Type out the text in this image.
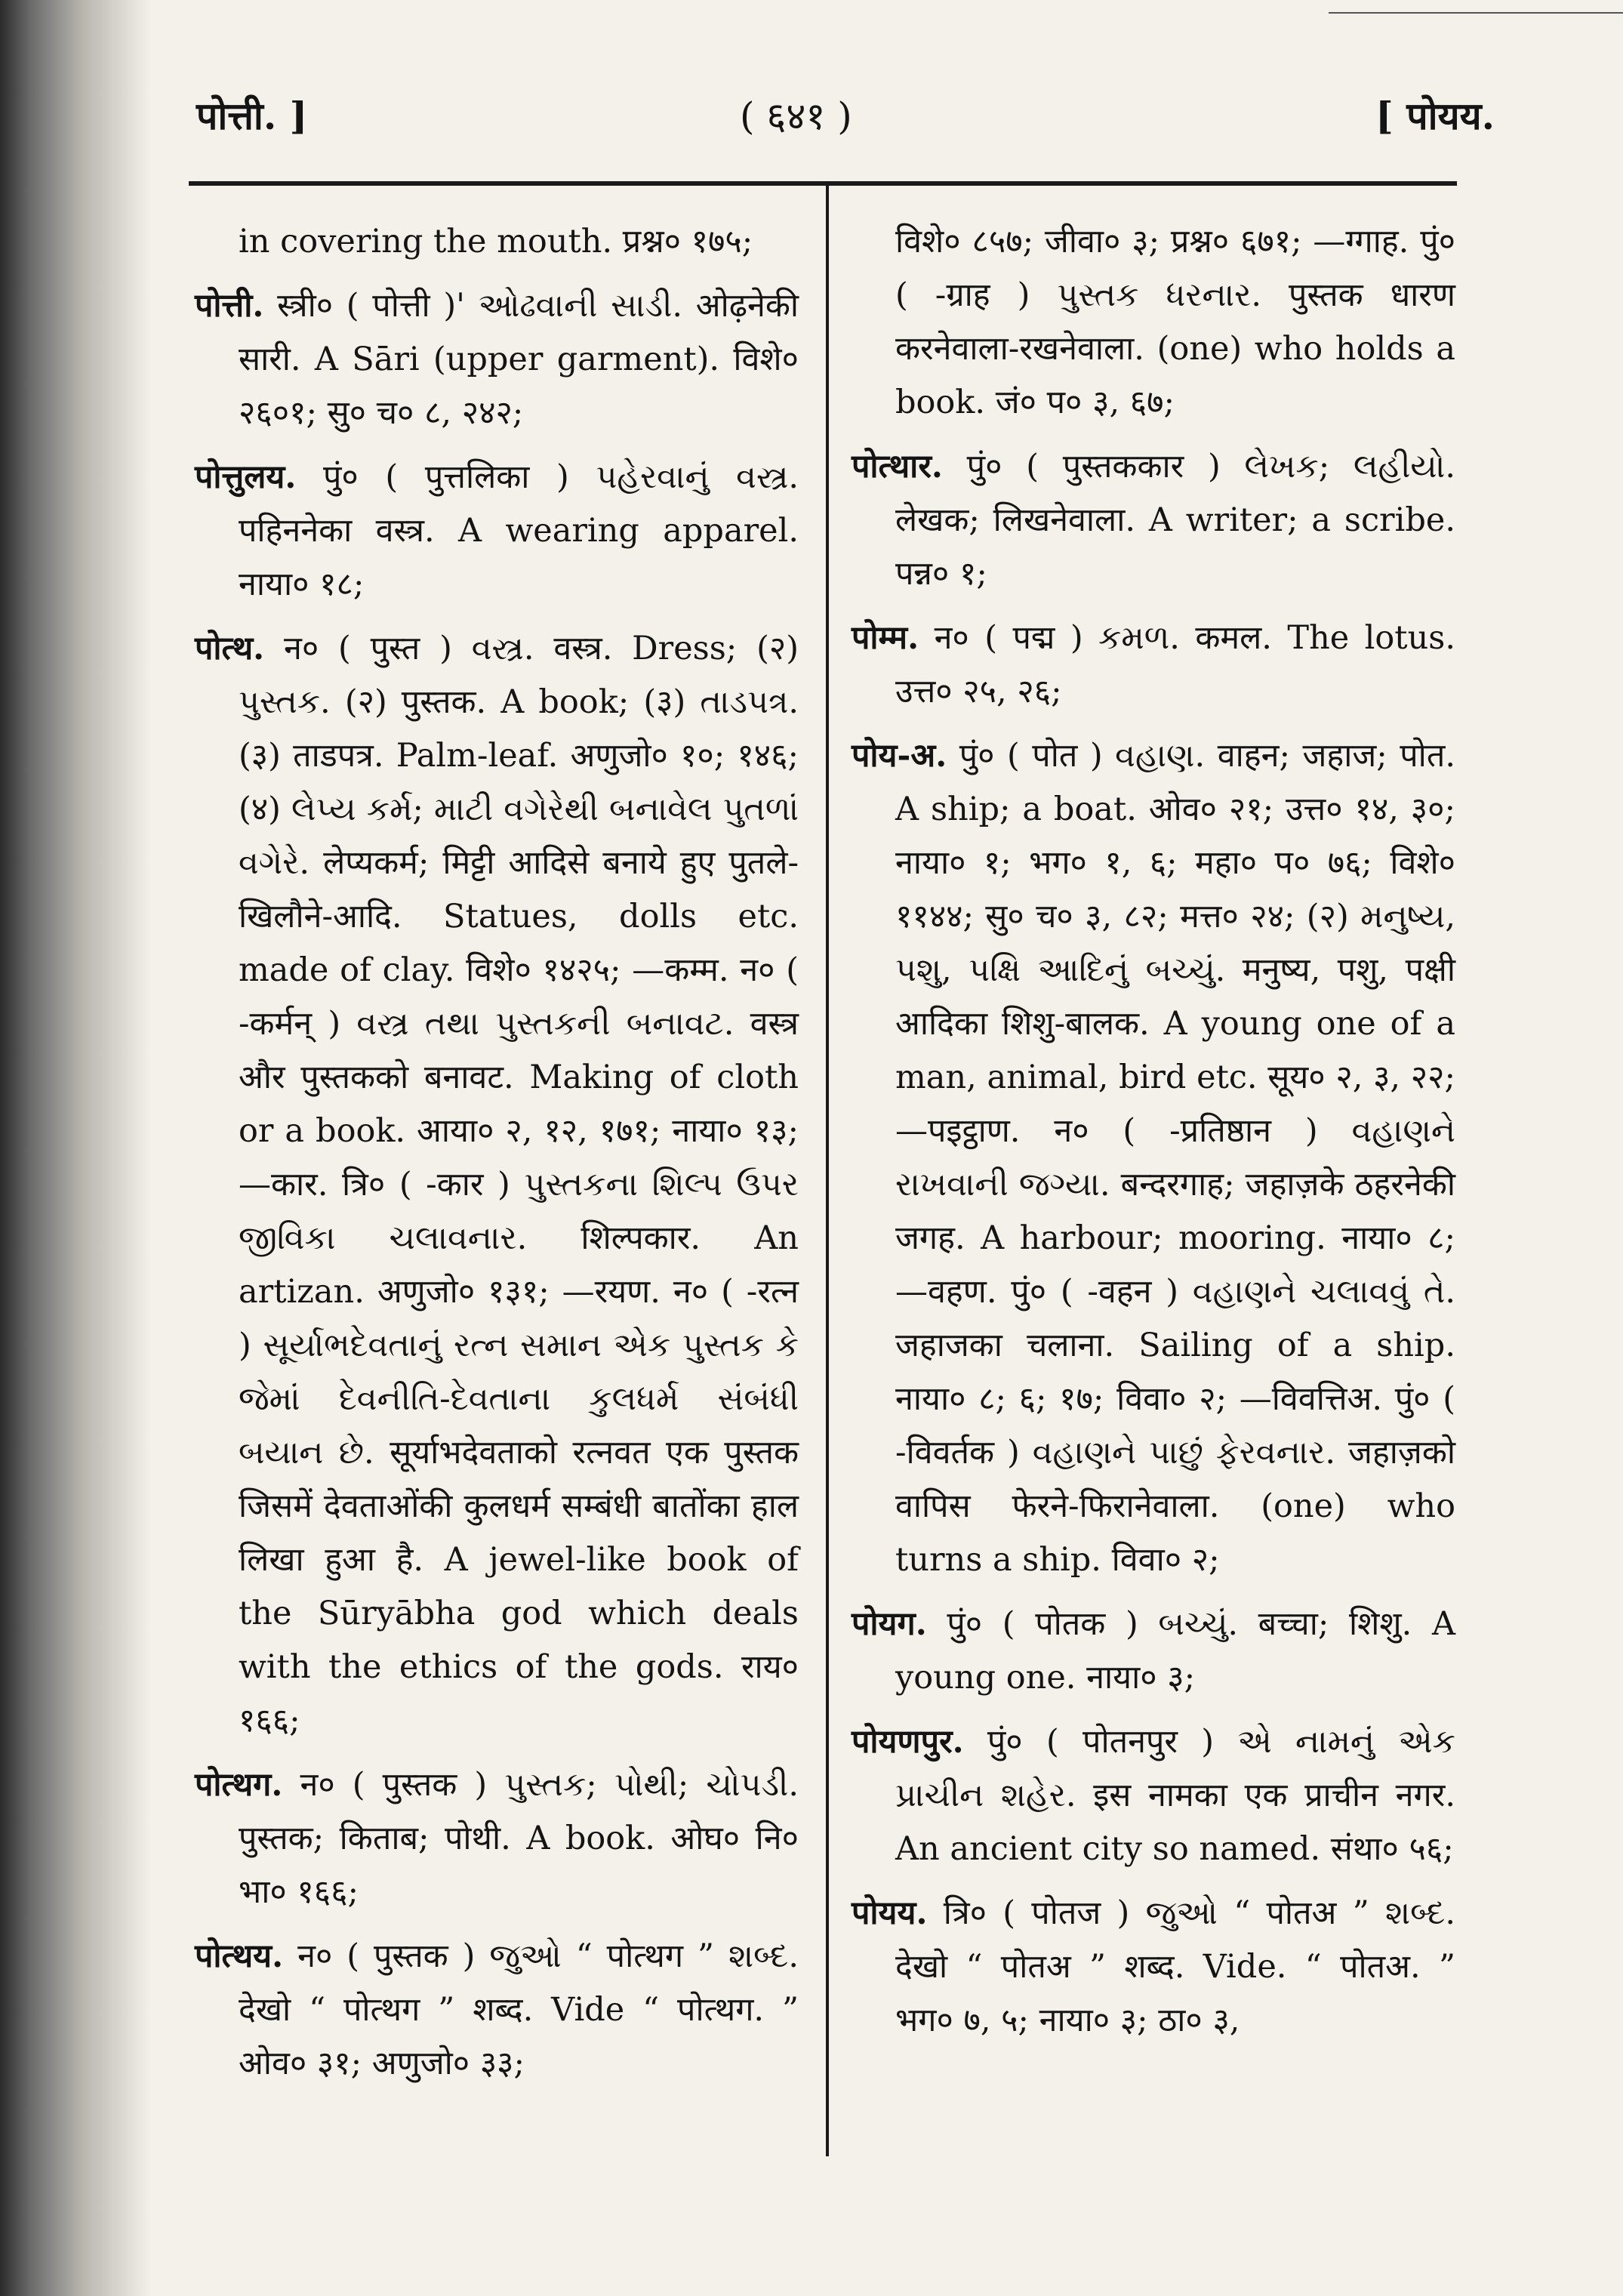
पोत्ती. ]	( ६४१ )	[ पोयय.

in covering the mouth. प्रश्न० १७५;

पोत्ती. स्त्री० ( पोत्ती )' ઓઢવાની સાડી. ओढ़नेकी सारी. A Sāri (upper garment). विशे० २६०१; सु० च० ८, २४२;

पोत्तुलय. पुं० ( पुत्तलिका ) પહેરવાનું વસ્ત્ર. पहिननेका वस्त्र. A wearing apparel. नाया० १८;

पोत्थ. न० ( पुस्त ) વસ્ત્ર. वस्त्र. Dress; (२) પુસ્તક. (२) पुस्तक. A book; (३) તાડપત્ર. (३) ताडपत्र. Palm-leaf. अणुजो० १०; १४६; (४) લેપ્ય કર્મ; માટી વગેરેથી બનાવેલ પુતળાં વગેરે. लेप्यकर्म; मिट्टी आदिसे बनाये हुए पुतले-खिलौने-आदि. Statues, dolls etc. made of clay. विशे० १४२५; —कम्म. न० ( -कर्मन् ) વસ્ત્ર તથા પુસ્તકની બનાવટ. वस्त्र और पुस्तकको बनावट. Making of cloth or a book. आया० २, १२, १७१; नाया० १३; —कार. त्रि० ( -कार ) પુસ્તકના શિલ્પ ઉપર જીવિકા ચલાવનાર. शिल्पकार. An artizan. अणुजो० १३१; —रयण. न० ( -रत्न ) સૂર્યાભદેવતાનું રત્ન સમાન એક પુસ્તક કે જેમાં દેવનીતિ-દેવતાના કુલધર્મ સંબંધી બયાન છે. सूर्याभदेवताको रत्नवत एक पुस्तक जिसमें देवताओंकी कुलधर्म सम्बंधी बातोंका हाल लिखा हुआ है. A jewel-like book of the Sūryābha god which deals with the ethics of the gods. राय० १६६;

पोत्थग. न० ( पुस्तक ) પુસ્તક; પોથી; ચોપડી. पुस्तक; किताब; पोथी. A book. ओघ० नि० भा० १६६;

पोत्थय. न० ( पुस्तक ) જુઓ “ पोत्थग ” શબ્દ. देखो “ पोत्थग ” शब्द. Vide “ पोत्थग. ” ओव० ३१; अणुजो० ३३;

विशे० ८५७; जीवा० ३; प्रश्न० ६७१; —ग्गाह. पुं० ( -ग्राह ) પુસ્તક ધરનાર. पुस्तक धारण करनेवाला-रखनेवाला. (one) who holds a book. जं० प० ३, ६७;

पोत्थार. पुं० ( पुस्तककार ) લેખક; લહીયો. लेखक; लिखनेवाला. A writer; a scribe. पन्न० १;

पोम्म. न० ( पद्म ) કમળ. कमल. The lotus. उत्त० २५, २६;

पोय-अ. पुं० ( पोत ) વહાણ. वाहन; जहाज; पोत. A ship; a boat. ओव० २१; उत्त० १४, ३०; नाया० १; भग० १, ६; महा० प० ७६; विशे० ११४४; सु० च० ३, ८२; मत्त० २४; (२) મનુષ્ય, પશુ, પક્ષિ આદિનું બચ્ચું. मनुष्य, पशु, पक्षी आदिका शिशु-बालक. A young one of a man, animal, bird etc. सूय० २, ३, २२; —पइट्ठाण. न० ( -प्रतिष्ठान ) વહાણને રાખવાની જગ્યા. बन्दरगाह; जहाज़के ठहरनेकी जगह. A harbour; mooring. नाया० ८; —वहण. पुं० ( -वहन ) વહાણને ચલાવવું તે. जहाजका चलाना. Sailing of a ship. नाया० ८; ६; १७; विवा० २; —विवत्तिअ. पुं० ( -विवर्तक ) વહાણને પાછું ફેરવનાર. जहाज़को वापिस फेरने-फिरानेवाला. (one) who turns a ship. विवा० २;

पोयग. पुं० ( पोतक ) બચ્ચું. बच्चा; शिशु. A young one. नाया० ३;

पोयणपुर. पुं० ( पोतनपुर ) એ નામનું એક પ્રાચીન શહેર. इस नामका एक प्राचीन नगर. An ancient city so named. संथा० ५६;

पोयय. त्रि० ( पोतज ) જુઓ “ पोतअ ” શબ્દ. देखो “ पोतअ ” शब्द. Vide. “ पोतअ. ” भग० ७, ५; नाया० ३; ठा० ३,
